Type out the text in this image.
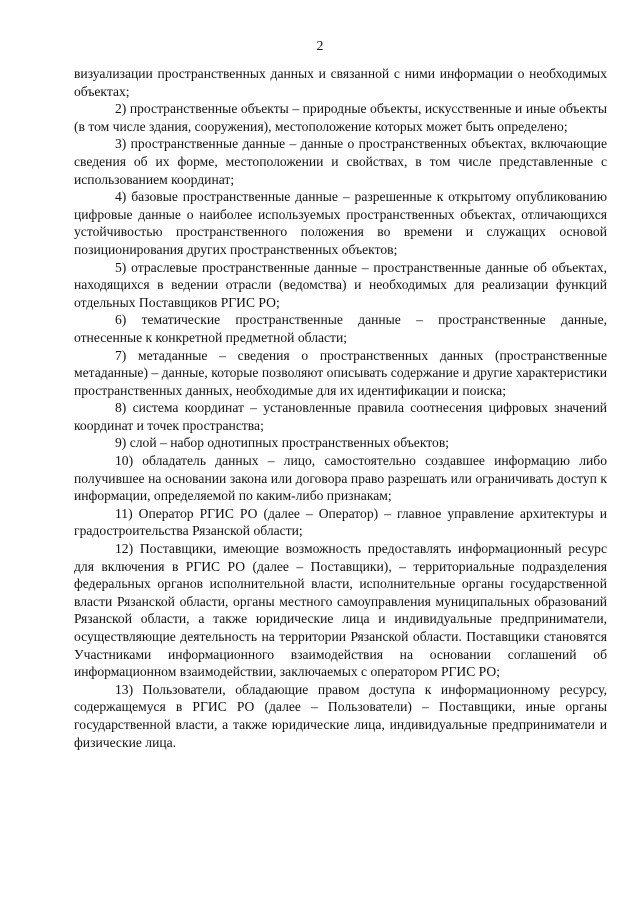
2

визуализации пространственных данных и связанной с ними информации о необходимых объектах;

2) пространственные объекты – природные объекты, искусственные и иные объекты (в том числе здания, сооружения), местоположение которых может быть определено;

3) пространственные данные – данные о пространственных объектах, включающие сведения об их форме, местоположении и свойствах, в том числе представленные с использованием координат;

4) базовые пространственные данные – разрешенные к открытому опубликованию цифровые данные о наиболее используемых пространственных объектах, отличающихся устойчивостью пространственного положения во времени и служащих основой позиционирования других пространственных объектов;

5) отраслевые пространственные данные – пространственные данные об объектах, находящихся в ведении отрасли (ведомства) и необходимых для реализации функций отдельных Поставщиков РГИС РО;

6) тематические пространственные данные – пространственные данные, отнесенные к конкретной предметной области;

7) метаданные – сведения о пространственных данных (пространственные метаданные) – данные, которые позволяют описывать содержание и другие характеристики пространственных данных, необходимые для их идентификации и поиска;

8) система координат – установленные правила соотнесения цифровых значений координат и точек пространства;

9) слой – набор однотипных пространственных объектов;

10) обладатель данных – лицо, самостоятельно создавшее информацию либо получившее на основании закона или договора право разрешать или ограничивать доступ к информации, определяемой по каким-либо признакам;

11) Оператор РГИС РО (далее – Оператор) – главное управление архитектуры и градостроительства Рязанской области;

12) Поставщики, имеющие возможность предоставлять информационный ресурс для включения в РГИС РО (далее – Поставщики), – территориальные подразделения федеральных органов исполнительной власти, исполнительные органы государственной власти Рязанской области, органы местного самоуправления муниципальных образований Рязанской области, а также юридические лица и индивидуальные предприниматели, осуществляющие деятельность на территории Рязанской области. Поставщики становятся Участниками информационного взаимодействия на основании соглашений об информационном взаимодействии, заключаемых с оператором РГИС РО;

13) Пользователи, обладающие правом доступа к информационному ресурсу, содержащемуся в РГИС РО (далее – Пользователи) – Поставщики, иные органы государственной власти, а также юридические лица, индивидуальные предприниматели и физические лица.
